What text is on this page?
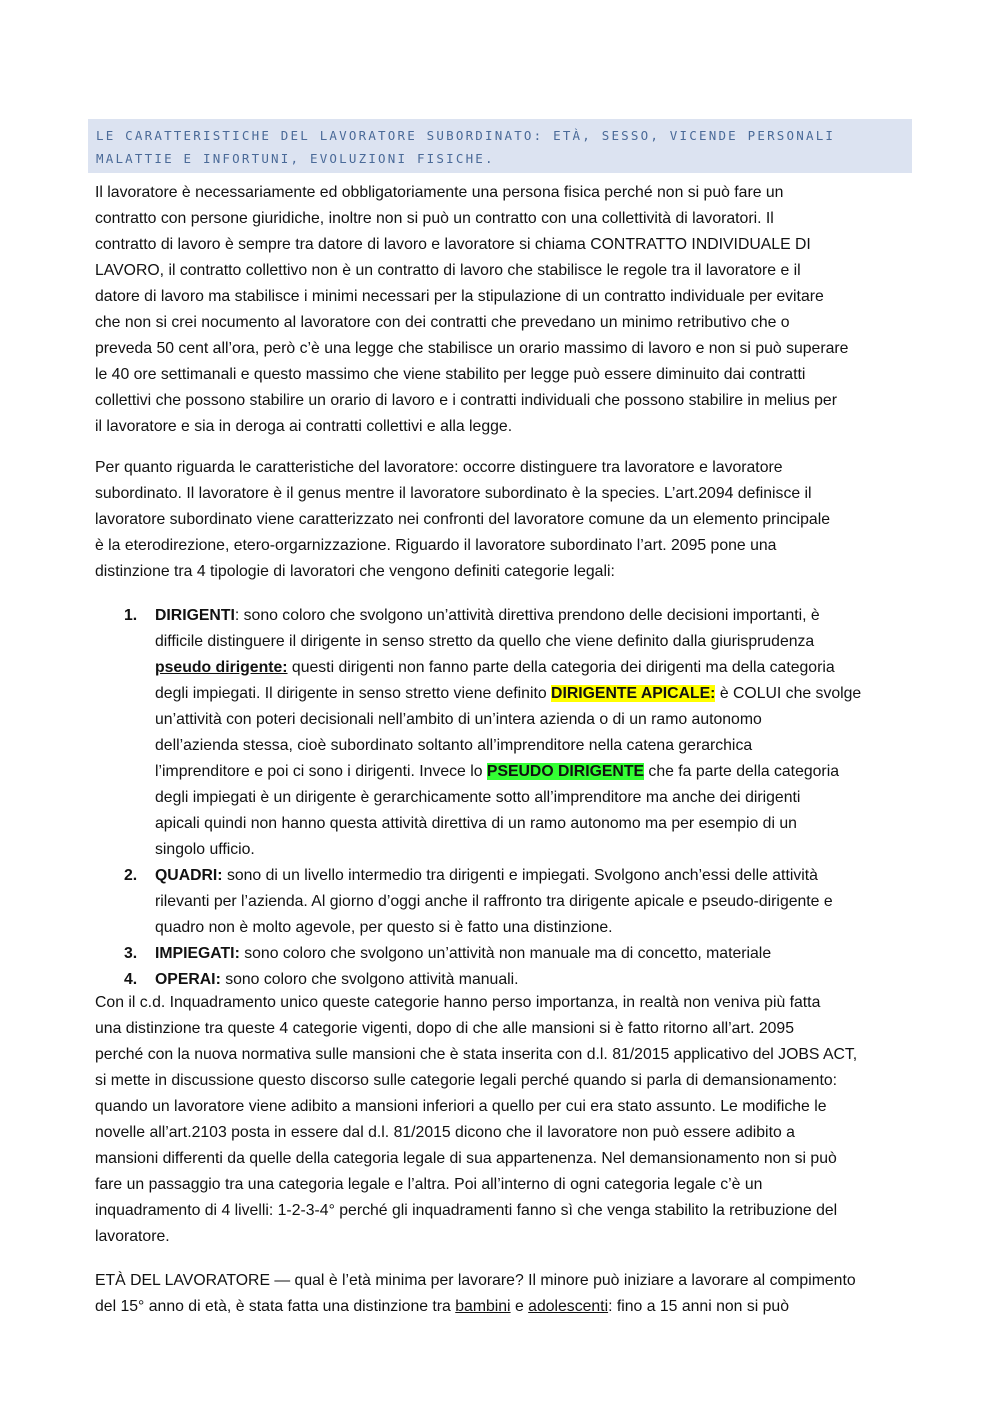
LE CARATTERISTICHE DEL LAVORATORE SUBORDINATO: ETÀ, SESSO, VICENDE PERSONALI
MALATTIE E INFORTUNI, EVOLUZIONI FISICHE.
Il lavoratore è necessariamente ed obbligatoriamente una persona fisica perché non si può fare un
contratto con persone giuridiche, inoltre non si può un contratto con una collettività di lavoratori. Il
contratto di lavoro è sempre tra datore di lavoro e lavoratore si chiama CONTRATTO INDIVIDUALE DI
LAVORO, il contratto collettivo non è un contratto di lavoro che stabilisce le regole tra il lavoratore e il
datore di lavoro ma stabilisce i minimi necessari per la stipulazione di un contratto individuale per evitare
che non si crei nocumento al lavoratore con dei contratti che prevedano un minimo retributivo che o
preveda 50 cent all’ora, però c’è una legge che stabilisce un orario massimo di lavoro e non si può superare
le 40 ore settimanali e questo massimo che viene stabilito per legge può essere diminuito dai contratti
collettivi che possono stabilire un orario di lavoro e i contratti individuali che possono stabilire in melius per
il lavoratore e sia in deroga ai contratti collettivi e alla legge.
Per quanto riguarda le caratteristiche del lavoratore: occorre distinguere tra lavoratore e lavoratore
subordinato. Il lavoratore è il genus mentre il lavoratore subordinato è la species. L’art.2094 definisce il
lavoratore subordinato viene caratterizzato nei confronti del lavoratore comune da un elemento principale
è la eterodirezione, etero-orgarnizzazione. Riguardo il lavoratore subordinato l’art. 2095 pone una
distinzione tra 4 tipologie di lavoratori che vengono definiti categorie legali:
1. DIRIGENTI: sono coloro che svolgono un’attività direttiva prendono delle decisioni importanti, è
difficile distinguere il dirigente in senso stretto da quello che viene definito dalla giurisprudenza
pseudo dirigente: questi dirigenti non fanno parte della categoria dei dirigenti ma della categoria
degli impiegati. Il dirigente in senso stretto viene definito DIRIGENTE APICALE: è COLUI che svolge
un’attività con poteri decisionali nell’ambito di un’intera azienda o di un ramo autonomo
dell’azienda stessa, cioè subordinato soltanto all’imprenditore nella catena gerarchica
l’imprenditore e poi ci sono i dirigenti. Invece lo PSEUDO DIRIGENTE che fa parte della categoria
degli impiegati è un dirigente è gerarchicamente sotto all’imprenditore ma anche dei dirigenti
apicali quindi non hanno questa attività direttiva di un ramo autonomo ma per esempio di un
singolo ufficio.
2. QUADRI: sono di un livello intermedio tra dirigenti e impiegati. Svolgono anch’essi delle attività
rilevanti per l’azienda. Al giorno d’oggi anche il raffronto tra dirigente apicale e pseudo-dirigente e
quadro non è molto agevole, per questo si è fatto una distinzione.
3. IMPIEGATI: sono coloro che svolgono un’attività non manuale ma di concetto, materiale
4. OPERAI: sono coloro che svolgono attività manuali.
Con il c.d. Inquadramento unico queste categorie hanno perso importanza, in realtà non veniva più fatta
una distinzione tra queste 4 categorie vigenti, dopo di che alle mansioni si è fatto ritorno all’art. 2095
perché con la nuova normativa sulle mansioni che è stata inserita con d.l. 81/2015 applicativo del JOBS ACT,
si mette in discussione questo discorso sulle categorie legali perché quando si parla di demansionamento:
quando un lavoratore viene adibito a mansioni inferiori a quello per cui era stato assunto. Le modifiche le
novelle all’art.2103 posta in essere dal d.l. 81/2015 dicono che il lavoratore non può essere adibito a
mansioni differenti da quelle della categoria legale di sua appartenenza. Nel demansionamento non si può
fare un passaggio tra una categoria legale e l’altra. Poi all’interno di ogni categoria legale c’è un
inquadramento di 4 livelli: 1-2-3-4° perché gli inquadramenti fanno sì che venga stabilito la retribuzione del
lavoratore.
ETÀ DEL LAVORATORE — qual è l’età minima per lavorare? Il minore può iniziare a lavorare al compimento
del 15° anno di età, è stata fatta una distinzione tra bambini e adolescenti: fino a 15 anni non si può
